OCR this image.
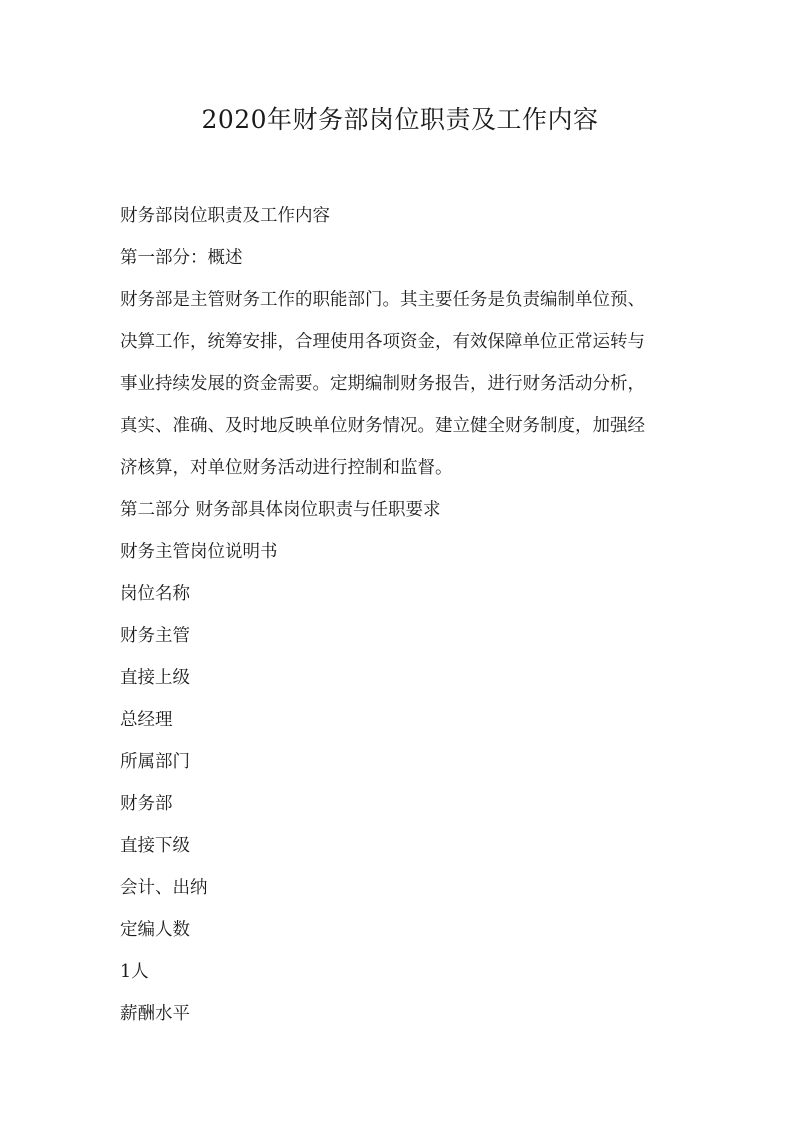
2020年财务部岗位职责及工作内容

财务部岗位职责及工作内容

第一部分：概述

财务部是主管财务工作的职能部门。其主要任务是负责编制单位预、

决算工作，统筹安排，合理使用各项资金，有效保障单位正常运转与

事业持续发展的资金需要。定期编制财务报告，进行财务活动分析，

真实、准确、及时地反映单位财务情况。建立健全财务制度，加强经

济核算，对单位财务活动进行控制和监督。

第二部分 财务部具体岗位职责与任职要求

财务主管岗位说明书

岗位名称

财务主管

直接上级

总经理

所属部门

财务部

直接下级

会计、出纳

定编人数

1人

薪酬水平
